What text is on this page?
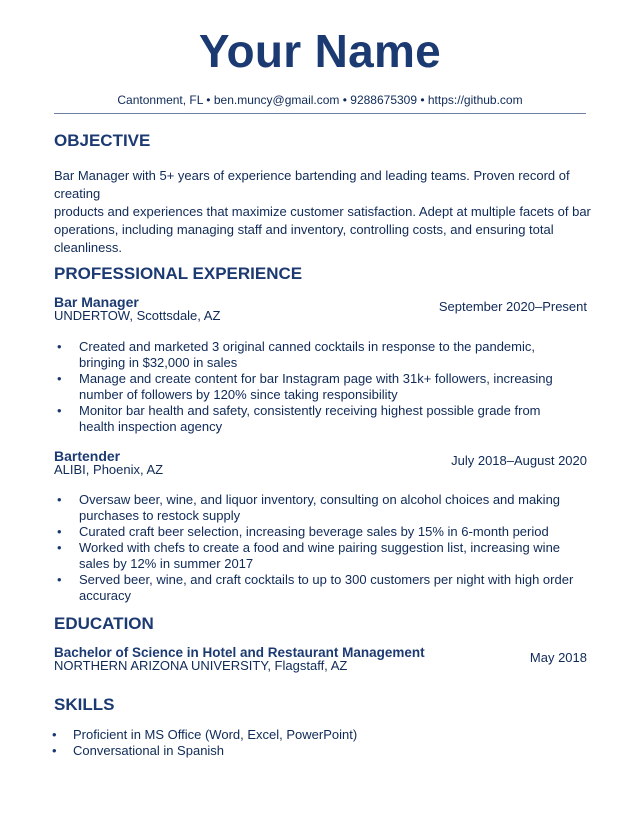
Your Name
Cantonment, FL • ben.muncy@gmail.com • 9288675309 • https://github.com
OBJECTIVE
Bar Manager with 5+ years of experience bartending and leading teams. Proven record of creating
products and experiences that maximize customer satisfaction. Adept at multiple facets of bar
operations, including managing staff and inventory, controlling costs, and ensuring total
cleanliness.
PROFESSIONAL EXPERIENCE
Bar Manager
UNDERTOW, Scottsdale, AZ
September 2020–Present
• Created and marketed 3 original canned cocktails in response to the pandemic, bringing in $32,000 in sales
• Manage and create content for bar Instagram page with 31k+ followers, increasing number of followers by 120% since taking responsibility
• Monitor bar health and safety, consistently receiving highest possible grade from health inspection agency
Bartender
ALIBI, Phoenix, AZ
July 2018–August 2020
• Oversaw beer, wine, and liquor inventory, consulting on alcohol choices and making purchases to restock supply
• Curated craft beer selection, increasing beverage sales by 15% in 6-month period
• Worked with chefs to create a food and wine pairing suggestion list, increasing wine sales by 12% in summer 2017
• Served beer, wine, and craft cocktails to up to 300 customers per night with high order accuracy
EDUCATION
Bachelor of Science in Hotel and Restaurant Management
NORTHERN ARIZONA UNIVERSITY, Flagstaff, AZ
May 2018
SKILLS
• Proficient in MS Office (Word, Excel, PowerPoint)
• Conversational in Spanish
